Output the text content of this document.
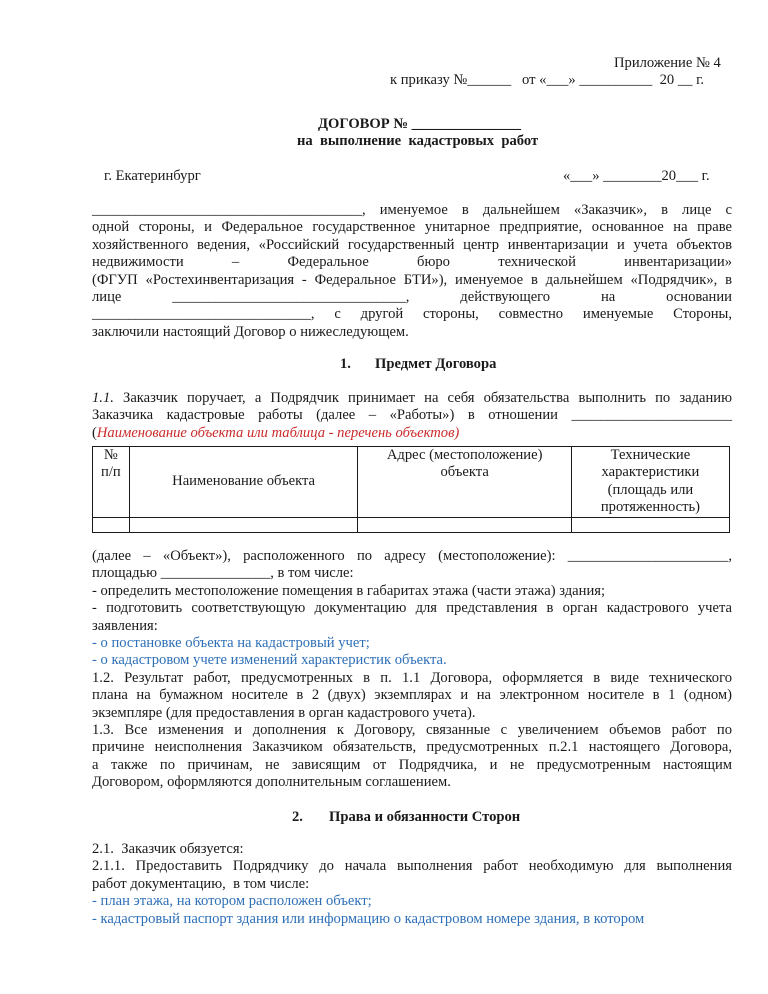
Приложение № 4
к приказу №______   от «___» __________  20 __ г.
ДОГОВОР № _______________
на  выполнение  кадастровых  работ
г. Екатеринбург	«___» ________20___ г.
_____________________________________, именуемое в дальнейшем «Заказчик», в лице с
одной стороны, и Федеральное государственное унитарное предприятие, основанное на праве
хозяйственного ведения, «Российский государственный центр инвентаризации и учета объектов
недвижимости – Федеральное бюро технической инвентаризации»
(ФГУП «Ростехинвентаризация - Федеральное БТИ»), именуемое в дальнейшем «Подрядчик», в
лице ________________________________, действующего на основании
______________________________, с другой стороны, совместно именуемые Стороны,
заключили настоящий Договор о нижеследующем.
1. Предмет Договора
1.1. Заказчик поручает, а Подрядчик принимает на себя обязательства выполнить по заданию
Заказчика кадастровые работы (далее – «Работы») в отношении ______________________
(Наименование объекта или таблица - перечень объектов)
№ п/п	Наименование объекта	Адрес (местоположение) объекта	Технические характеристики (площадь или протяженность)

(далее – «Объект»), расположенного по адресу (местоположение): ______________________,
площадью _______________, в том числе:
- определить местоположение помещения в габаритах этажа (части этажа) здания;
- подготовить соответствующую документацию для представления в орган кадастрового учета
заявления:
- о постановке объекта на кадастровый учет;
- о кадастровом учете изменений характеристик объекта.
1.2. Результат работ, предусмотренных в п. 1.1 Договора, оформляется в виде технического
плана на бумажном носителе в 2 (двух) экземплярах и на электронном носителе в 1 (одном)
экземпляре (для предоставления в орган кадастрового учета).
1.3. Все изменения и дополнения к Договору, связанные с увеличением объемов работ по
причине неисполнения Заказчиком обязательств, предусмотренных п.2.1 настоящего Договора,
а также по причинам, не зависящим от Подрядчика, и не предусмотренным настоящим
Договором, оформляются дополнительным соглашением.
2. Права и обязанности Сторон
2.1.  Заказчик обязуется:
2.1.1. Предоставить Подрядчику до начала выполнения работ необходимую для выполнения
работ документацию,  в том числе:
- план этажа, на котором расположен объект;
- кадастровый паспорт здания или информацию о кадастровом номере здания, в котором
